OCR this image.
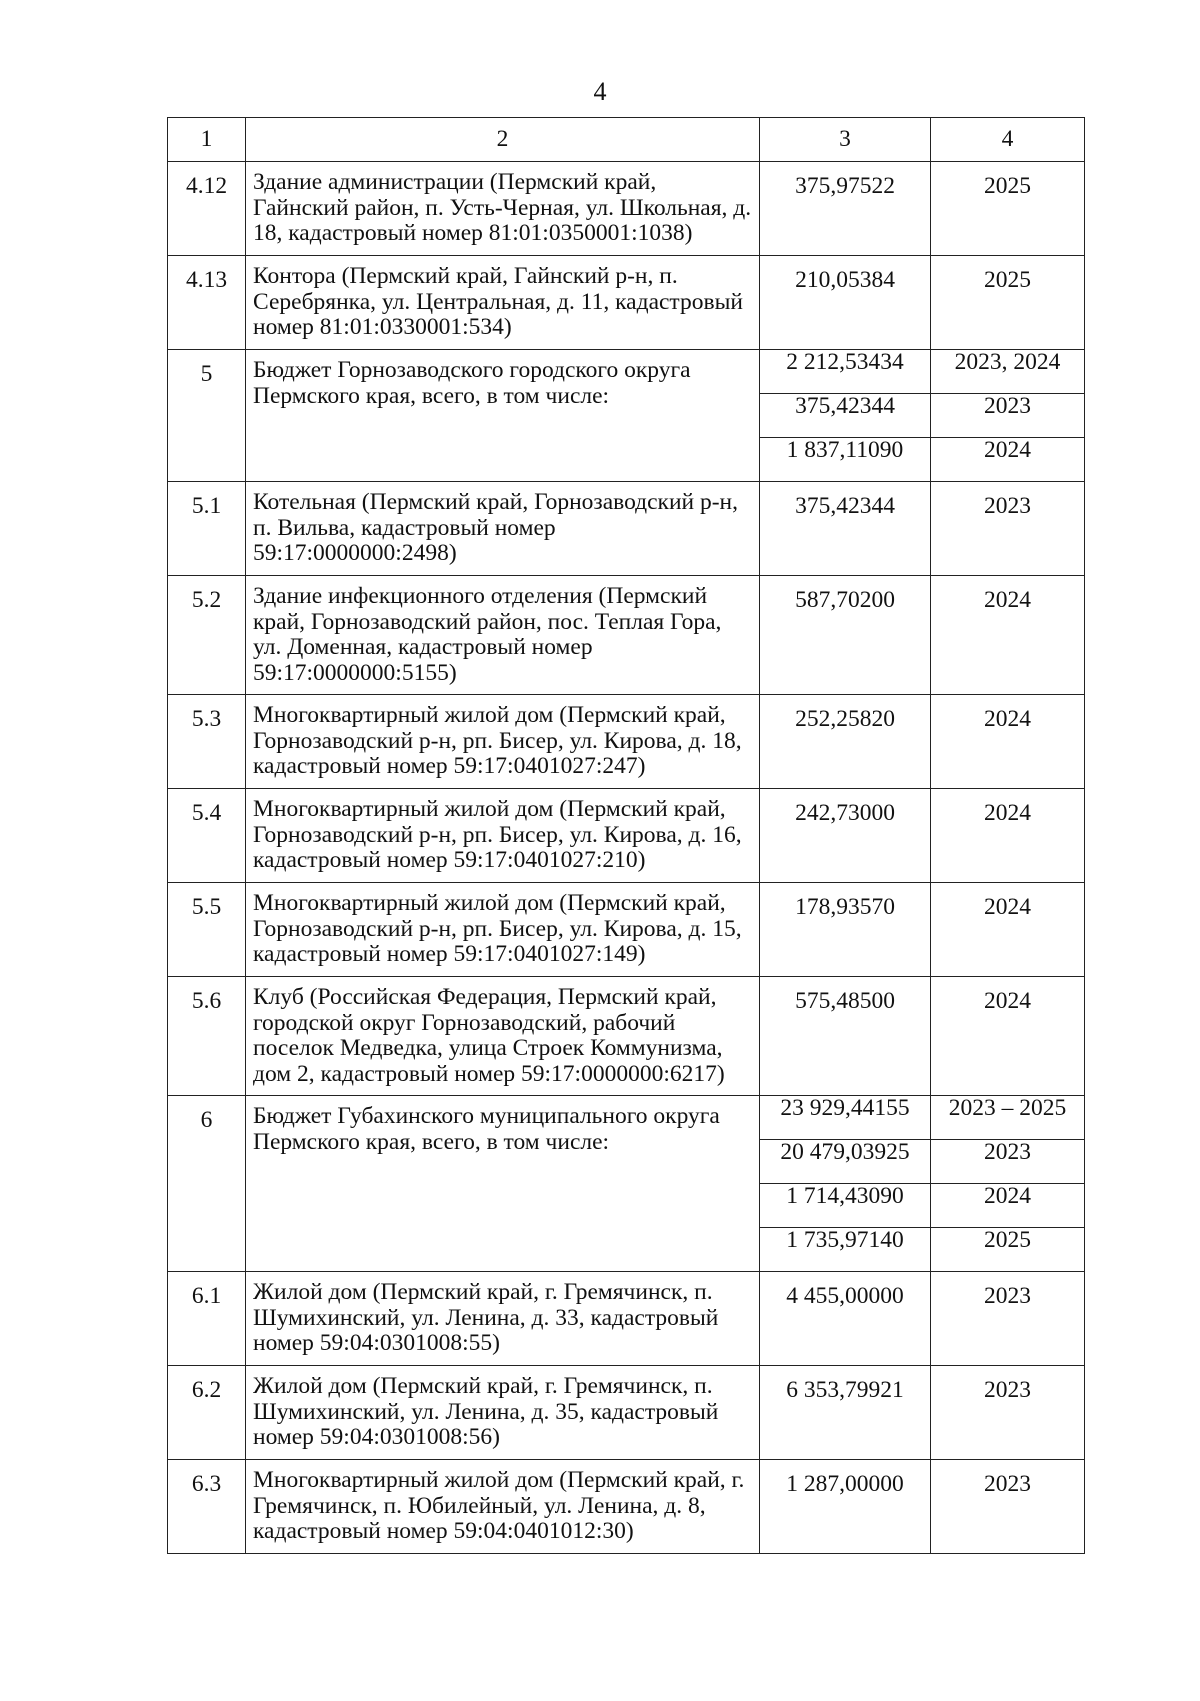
4
1	2	3	4
4.12	Здание администрации (Пермский край, Гайнский район, п. Усть-Черная, ул. Школьная, д. 18, кадастровый номер 81:01:0350001:1038)	375,97522	2025
4.13	Контора (Пермский край, Гайнский р-н, п. Серебрянка, ул. Центральная, д. 11, кадастровый номер 81:01:0330001:534)	210,05384	2025
5	Бюджет Горнозаводского городского округа Пермского края, всего, в том числе:	2 212,53434	2023, 2024
		375,42344	2023
		1 837,11090	2024
5.1	Котельная (Пермский край, Горнозаводский р-н, п. Вильва, кадастровый номер 59:17:0000000:2498)	375,42344	2023
5.2	Здание инфекционного отделения (Пермский край, Горнозаводский район, пос. Теплая Гора, ул. Доменная, кадастровый номер 59:17:0000000:5155)	587,70200	2024
5.3	Многоквартирный жилой дом (Пермский край, Горнозаводский р-н, рп. Бисер, ул. Кирова, д. 18, кадастровый номер 59:17:0401027:247)	252,25820	2024
5.4	Многоквартирный жилой дом (Пермский край, Горнозаводский р-н, рп. Бисер, ул. Кирова, д. 16, кадастровый номер 59:17:0401027:210)	242,73000	2024
5.5	Многоквартирный жилой дом (Пермский край, Горнозаводский р-н, рп. Бисер, ул. Кирова, д. 15, кадастровый номер 59:17:0401027:149)	178,93570	2024
5.6	Клуб (Российская Федерация, Пермский край, городской округ Горнозаводский, рабочий поселок Медведка, улица Строек Коммунизма, дом 2, кадастровый номер 59:17:0000000:6217)	575,48500	2024
6	Бюджет Губахинского муниципального округа Пермского края, всего, в том числе:	23 929,44155	2023 – 2025
		20 479,03925	2023
		1 714,43090	2024
		1 735,97140	2025
6.1	Жилой дом (Пермский край, г. Гремячинск, п. Шумихинский, ул. Ленина, д. 33, кадастровый номер 59:04:0301008:55)	4 455,00000	2023
6.2	Жилой дом (Пермский край, г. Гремячинск, п. Шумихинский, ул. Ленина, д. 35, кадастровый номер 59:04:0301008:56)	6 353,79921	2023
6.3	Многоквартирный жилой дом (Пермский край, г. Гремячинск, п. Юбилейный, ул. Ленина, д. 8, кадастровый номер 59:04:0401012:30)	1 287,00000	2023
